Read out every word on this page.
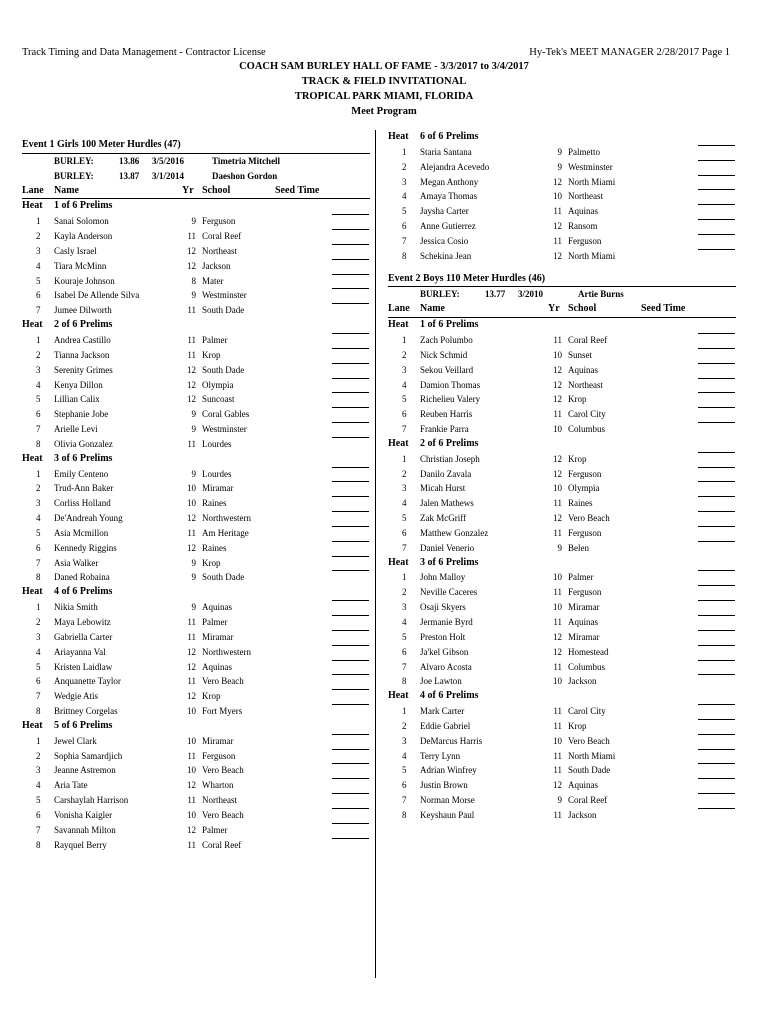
Track Timing and Data Management - Contractor License	Hy-Tek's MEET MANAGER 2/28/2017 Page 1
COACH SAM BURLEY HALL OF FAME - 3/3/2017 to 3/4/2017
TRACK & FIELD INVITATIONAL
TROPICAL PARK MIAMI, FLORIDA
Meet Program
Event 1 Girls 100 Meter Hurdles (47)
BURLEY:	13.86 3/5/2016	Timetria Mitchell
BURLEY:	13.87 3/1/2014	Daeshon Gordon
Lane Name	Yr School	Seed Time
Heat 1 of 6 Prelims
1 Sanai Solomon	9 Ferguson
2 Kayla Anderson	11 Coral Reef
3 Casly Israel	12 Northeast
4 Tiara McMinn	12 Jackson
5 Kouraje Johnson	8 Mater
6 Isabel De Allende Silva	9 Westminster
7 Jumee Dilworth	11 South Dade
Heat 2 of 6 Prelims
1 Andrea Castillo	11 Palmer
2 Tianna Jackson	11 Krop
3 Serenity Grimes	12 South Dade
4 Kenya Dillon	12 Olympia
5 Lillian Calix	12 Suncoast
6 Stephanie Jobe	9 Coral Gables
7 Arielle Levi	9 Westminster
8 Olivia Gonzalez	11 Lourdes
Heat 3 of 6 Prelims
1 Emily Centeno	9 Lourdes
2 Trud-Ann Baker	10 Miramar
3 Corliss Holland	10 Raines
4 De'Andreah Young	12 Northwestern
5 Asia Mcmillon	11 Am Heritage
6 Kennedy Riggins	12 Raines
7 Asia Walker	9 Krop
8 Daned Robaina	9 South Dade
Heat 4 of 6 Prelims
1 Nikia Smith	9 Aquinas
2 Maya Lebowitz	11 Palmer
3 Gabriella Carter	11 Miramar
4 Ariayanna Val	12 Northwestern
5 Kristen Laidlaw	12 Aquinas
6 Anquanette Taylor	11 Vero Beach
7 Wedgie Atis	12 Krop
8 Brittney Corgelas	10 Fort Myers
Heat 5 of 6 Prelims
1 Jewel Clark	10 Miramar
2 Sophia Samardjich	11 Ferguson
3 Jeanne Astremon	10 Vero Beach
4 Aria Tate	12 Wharton
5 Carshaylah Harrison	11 Northeast
6 Vonisha Kaigler	10 Vero Beach
7 Savannah Milton	12 Palmer
8 Rayquel Berry	11 Coral Reef
Heat 6 of 6 Prelims
1 Staria Santana	9 Palmetto
2 Alejandra Acevedo	9 Westminster
3 Megan Anthony	12 North Miami
4 Amaya Thomas	10 Northeast
5 Jaysha Carter	11 Aquinas
6 Anne Gutierrez	12 Ransom
7 Jessica Cosio	11 Ferguson
8 Schekina Jean	12 North Miami
Event 2 Boys 110 Meter Hurdles (46)
BURLEY:	13.77 3/2010	Artie Burns
Lane Name	Yr School	Seed Time
Heat 1 of 6 Prelims
1 Zach Polumbo	11 Coral Reef
2 Nick Schmid	10 Sunset
3 Sekou Veillard	12 Aquinas
4 Damion Thomas	12 Northeast
5 Richelieu Valery	12 Krop
6 Reuben Harris	11 Carol City
7 Frankie Parra	10 Columbus
Heat 2 of 6 Prelims
1 Christian Joseph	12 Krop
2 Danilo Zavala	12 Ferguson
3 Micah Hurst	10 Olympia
4 Jalen Mathews	11 Raines
5 Zak McGriff	12 Vero Beach
6 Matthew Gonzalez	11 Ferguson
7 Daniel Venerio	9 Belen
Heat 3 of 6 Prelims
1 John Malloy	10 Palmer
2 Neville Caceres	11 Ferguson
3 Osaji Skyers	10 Miramar
4 Jermanie Byrd	11 Aquinas
5 Preston Holt	12 Miramar
6 Ja'kel Gibson	12 Homestead
7 Alvaro Acosta	11 Columbus
8 Joe Lawton	10 Jackson
Heat 4 of 6 Prelims
1 Mark Carter	11 Carol City
2 Eddie Gabriel	11 Krop
3 DeMarcus Harris	10 Vero Beach
4 Terry Lynn	11 North Miami
5 Adrian Winfrey	11 South Dade
6 Justin Brown	12 Aquinas
7 Norman Morse	9 Coral Reef
8 Keyshaun Paul	11 Jackson
